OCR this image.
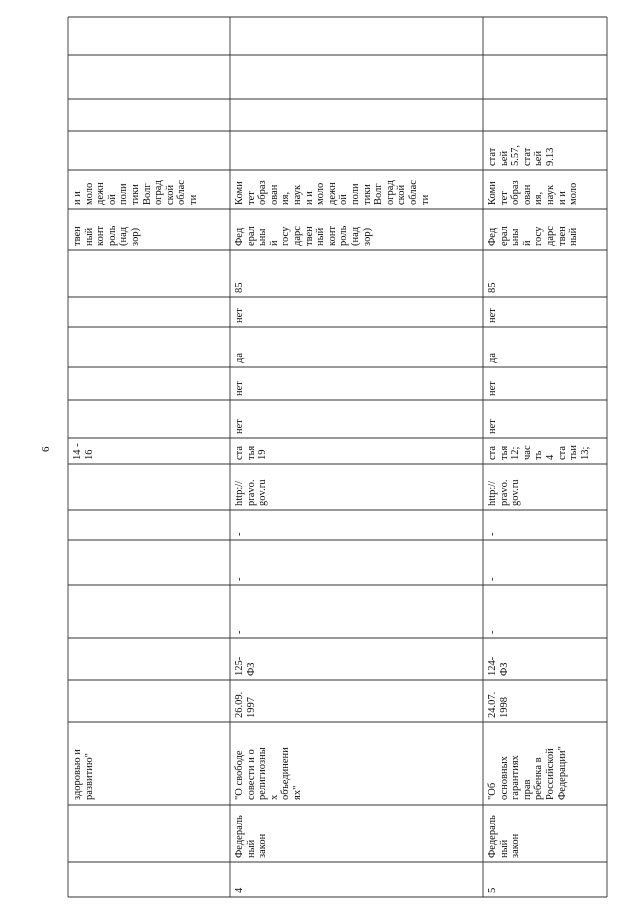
6
здоровью и
развитию"
твен
ный
конт
роль
(над
зор)
и и
моло
дежн
ой
поли
тики
Волг
оград
ской
облас
ти
14 -
16
4
Федераль
ный
закон
"О свободе
совести и о
религиозны
х
объединени
ях"
26.09.
1997
125-
ФЗ
-
-
-
http://
pravo.
gov.ru
ста
тья
19
нет
нет
да
нет
85
Фед
ерал
ьны
й
госу
дарс
твен
ный
конт
роль
(над
зор)
Коми
тет
образ
ован
ия,
наук
и и
моло
дежн
ой
поли
тики
Волг
оград
ской
облас
ти
5
Федераль
ный
закон
"Об
основных
гарантиях
прав
ребенка в
Российской
Федерации"
24.07.
1998
124-
ФЗ
-
-
-
http://
pravo.
gov.ru
ста
тья
12;
час
ть
4
ста
тьи
13;
нет
нет
да
нет
85
Фед
ерал
ьны
й
госу
дарс
твен
ный
Коми
тет
образ
ован
ия,
наук
и и
моло
стат
ьей
5.57,
стат
ьей
9.13
